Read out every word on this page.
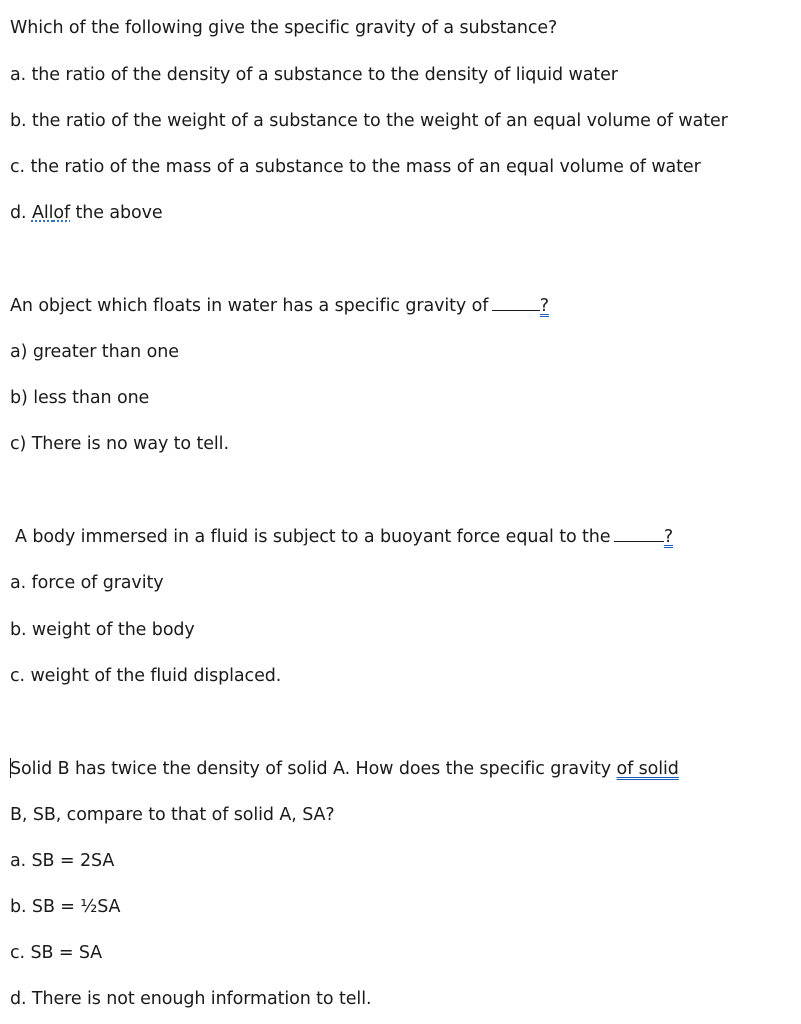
Which of the following give the specific gravity of a substance?
a. the ratio of the density of a substance to the density of liquid water
b. the ratio of the weight of a substance to the weight of an equal volume of water
c. the ratio of the mass of a substance to the mass of an equal volume of water
d. Allof the above
An object which floats in water has a specific gravity of	?
a) greater than one
b) less than one
c) There is no way to tell.
A body immersed in a fluid is subject to a buoyant force equal to the	?
a. force of gravity
b. weight of the body
c. weight of the fluid displaced.
Solid B has twice the density of solid A. How does the specific gravity of solid
B, SB, compare to that of solid A, SA?
a. SB = 2SA
b. SB = ½SA
c. SB = SA
d. There is not enough information to tell.
